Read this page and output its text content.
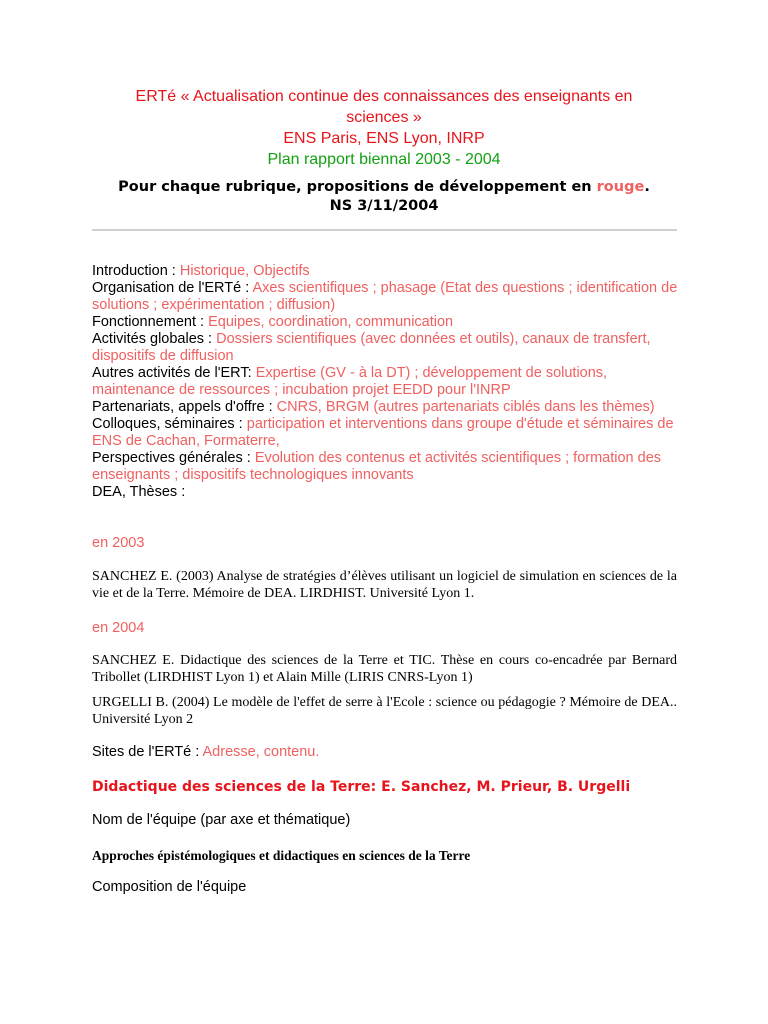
ERTé « Actualisation continue des connaissances des enseignants en
sciences »
ENS Paris, ENS Lyon, INRP
Plan rapport biennal 2003 - 2004
Pour chaque rubrique, propositions de développement en rouge.
NS 3/11/2004
Introduction : Historique, Objectifs
Organisation de l'ERTé : Axes scientifiques ; phasage (Etat des questions ; identification de solutions ; expérimentation ; diffusion)
Fonctionnement : Equipes, coordination, communication
Activités globales : Dossiers scientifiques (avec données et outils), canaux de transfert, dispositifs de diffusion
Autres activités de l'ERT: Expertise (GV - à la DT) ; développement de solutions, maintenance de ressources ; incubation projet EEDD pour l'INRP
Partenariats, appels d'offre : CNRS, BRGM (autres partenariats ciblés dans les thèmes)
Colloques, séminaires : participation et interventions dans groupe d'étude et séminaires de ENS de Cachan, Formaterre,
Perspectives générales : Evolution des contenus et activités scientifiques ; formation des enseignants ; dispositifs technologiques innovants
DEA, Thèses :
en 2003
SANCHEZ E. (2003) Analyse de stratégies d’élèves utilisant un logiciel de simulation en sciences de la vie et de la Terre. Mémoire de DEA. LIRDHIST. Université Lyon 1.
en 2004
SANCHEZ E. Didactique des sciences de la Terre et TIC. Thèse en cours co-encadrée par Bernard Tribollet (LIRDHIST Lyon 1) et Alain Mille (LIRIS CNRS-Lyon 1)
URGELLI B. (2004) Le modèle de l'effet de serre à l'Ecole : science ou pédagogie ? Mémoire de DEA.. Université Lyon 2
Sites de l'ERTé : Adresse, contenu.
Didactique des sciences de la Terre: E. Sanchez, M. Prieur, B. Urgelli
Nom de l'équipe (par axe et thématique)
Approches épistémologiques et didactiques en sciences de la Terre
Composition de l'équipe
